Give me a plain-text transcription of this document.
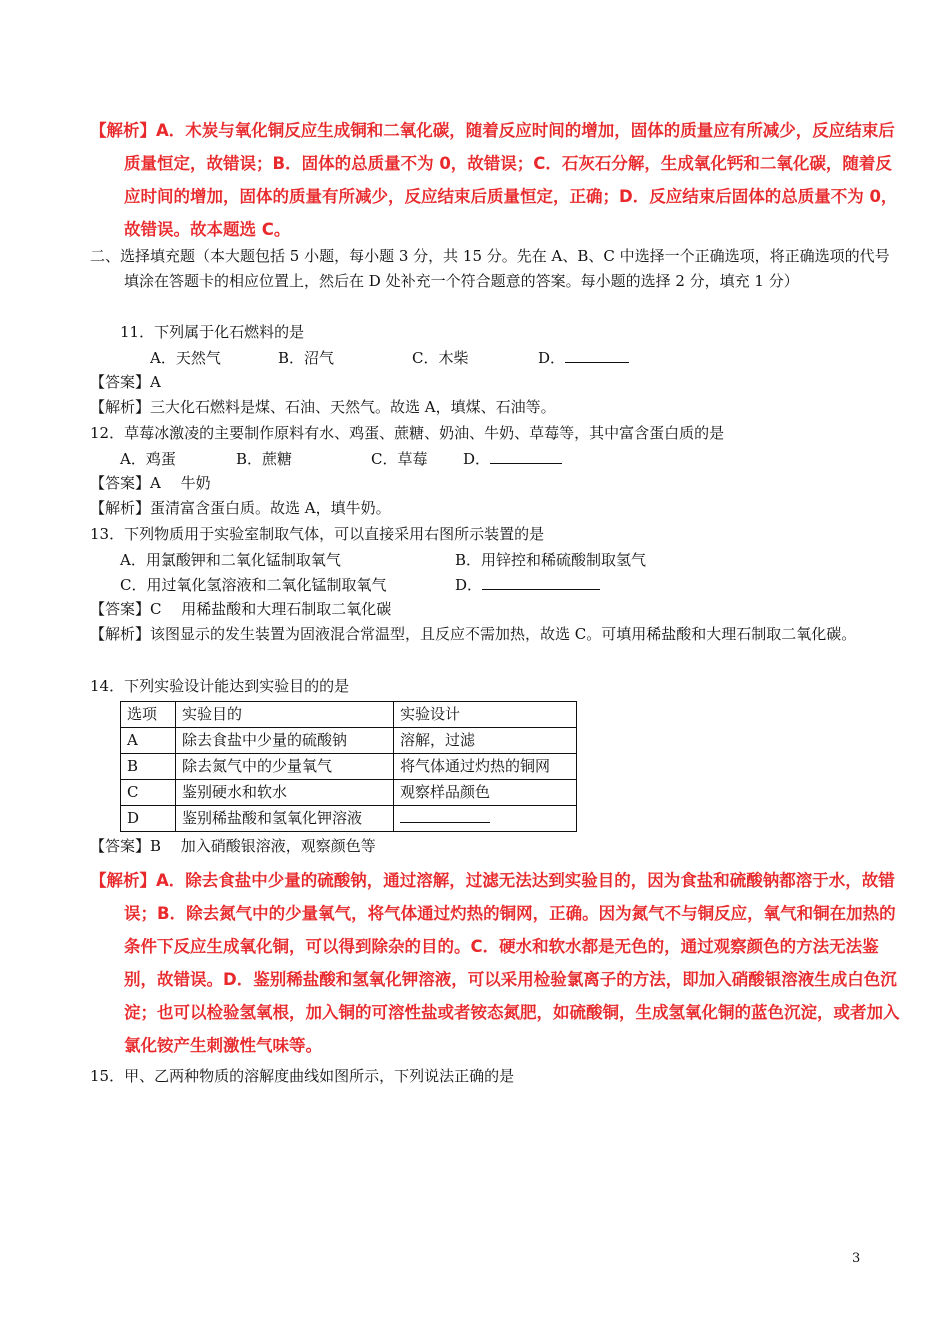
【解析】A．木炭与氧化铜反应生成铜和二氧化碳，随着反应时间的增加，固体的质量应有所减少，反应结束后质量恒定，故错误；B．固体的总质量不为 0，故错误；C．石灰石分解，生成氧化钙和二氧化碳，随着反应时间的增加，固体的质量有所减少，反应结束后质量恒定，正确；D．反应结束后固体的总质量不为 0，故错误。故本题选 C。
二、选择填充题（本大题包括 5 小题，每小题 3 分，共 15 分。先在 A、B、C 中选择一个正确选项，将正确选项的代号填涂在答题卡的相应位置上，然后在 D 处补充一个符合题意的答案。每小题的选择 2 分，填充 1 分）
11．下列属于化石燃料的是
A．天然气	B．沼气	C．木柴	D．
【答案】A
【解析】三大化石燃料是煤、石油、天然气。故选 A，填煤、石油等。
12．草莓冰激凌的主要制作原料有水、鸡蛋、蔗糖、奶油、牛奶、草莓等，其中富含蛋白质的是
A．鸡蛋	B．蔗糖	C．草莓 D．
【答案】A　 牛奶
【解析】蛋清富含蛋白质。故选 A，填牛奶。
13．下列物质用于实验室制取气体，可以直接采用右图所示装置的是
A．用氯酸钾和二氧化锰制取氧气	B．用锌控和稀硫酸制取氢气
C．用过氧化氢溶液和二氧化锰制取氧气	D．
【答案】C　 用稀盐酸和大理石制取二氧化碳
【解析】该图显示的发生装置为固液混合常温型，且反应不需加热，故选 C。可填用稀盐酸和大理石制取二氧化碳。
14．下列实验设计能达到实验目的的是
选项	实验目的	实验设计
A	除去食盐中少量的硫酸钠	溶解，过滤
B	除去氮气中的少量氧气	将气体通过灼热的铜网
C	鉴别硬水和软水	观察样品颜色
D	鉴别稀盐酸和氢氧化钾溶液	
【答案】B　 加入硝酸银溶液，观察颜色等
【解析】A．除去食盐中少量的硫酸钠，通过溶解，过滤无法达到实验目的，因为食盐和硫酸钠都溶于水，故错误；B．除去氮气中的少量氧气，将气体通过灼热的铜网，正确。因为氮气不与铜反应，氧气和铜在加热的条件下反应生成氧化铜，可以得到除杂的目的。C．硬水和软水都是无色的，通过观察颜色的方法无法鉴别，故错误。D．鉴别稀盐酸和氢氧化钾溶液，可以采用检验氯离子的方法，即加入硝酸银溶液生成白色沉淀；也可以检验氢氧根，加入铜的可溶性盐或者铵态氮肥，如硫酸铜，生成氢氧化铜的蓝色沉淀，或者加入氯化铵产生刺激性气味等。
15．甲、乙两种物质的溶解度曲线如图所示，下列说法正确的是
3
